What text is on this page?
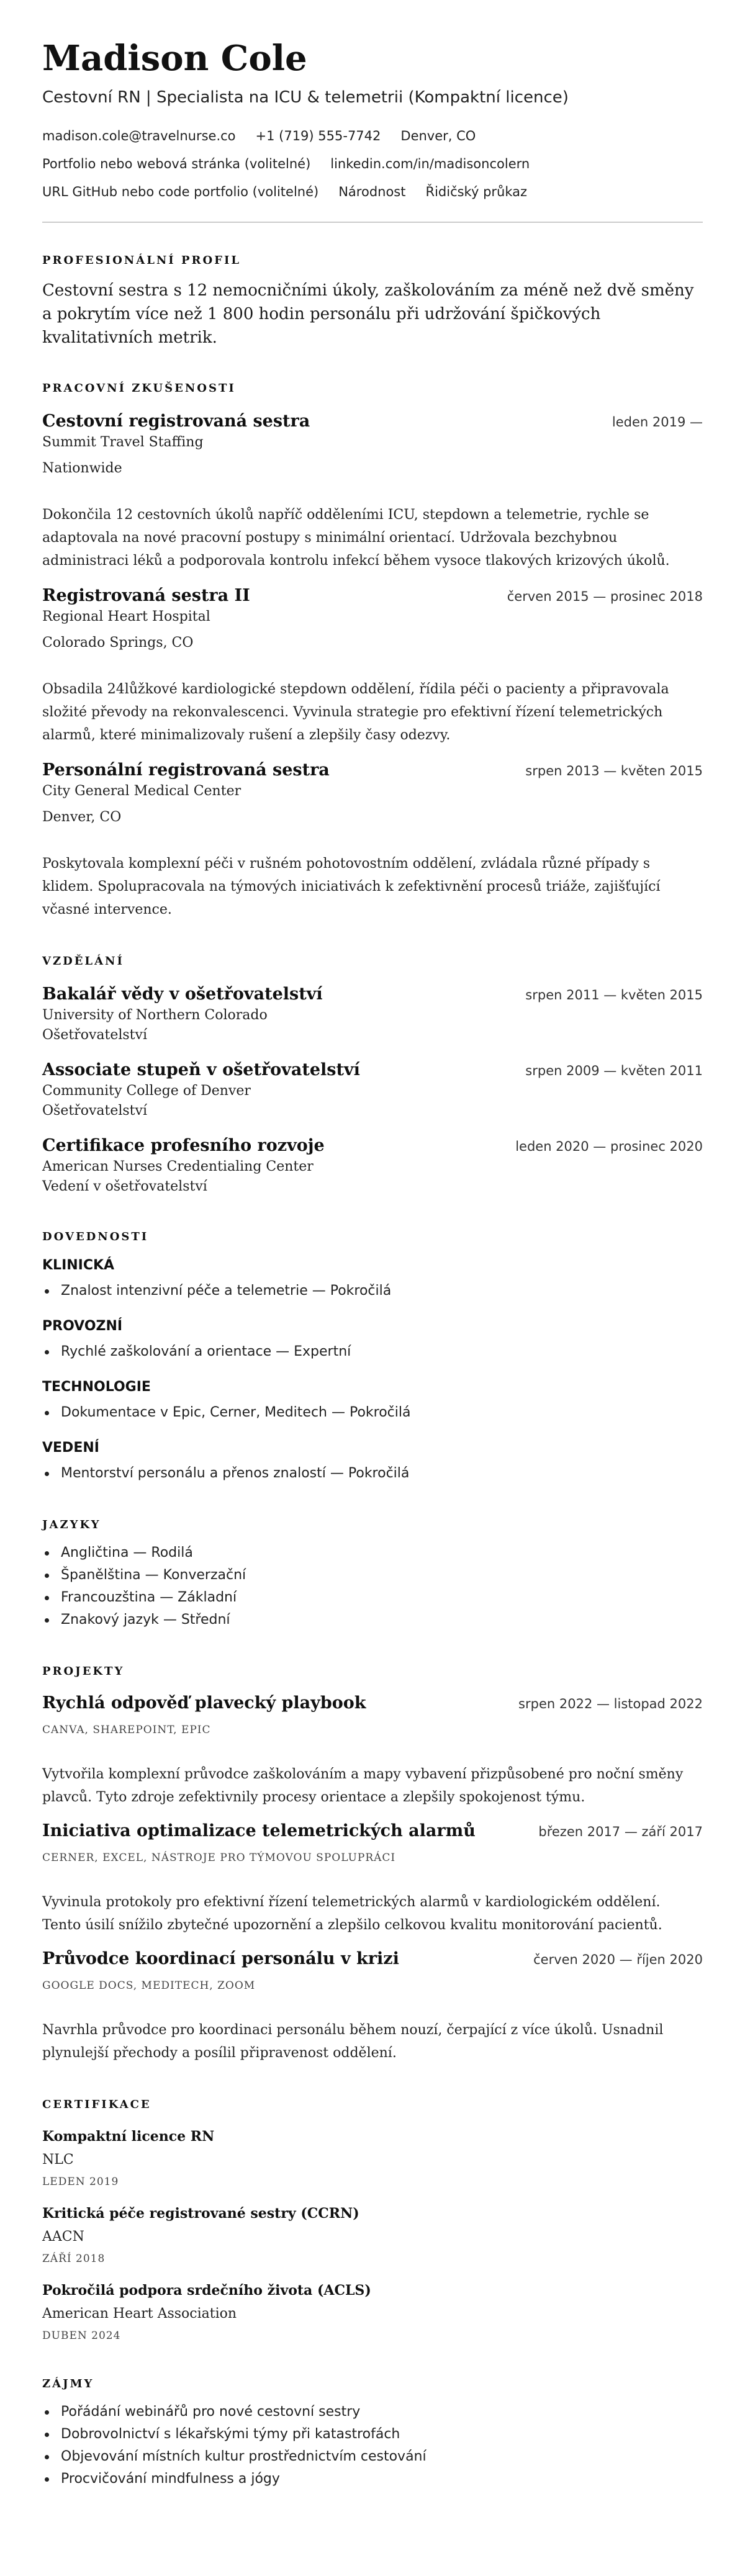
Madison Cole
Cestovní RN | Specialista na ICU & telemetrii (Kompaktní licence)
madison.cole@travelnurse.co +1 (719) 555-7742 Denver, CO
Portfolio nebo webová stránka (volitelné) linkedin.com/in/madisoncolern
URL GitHub nebo code portfolio (volitelné) Národnost Řidičský průkaz
PROFESIONÁLNÍ PROFIL

Cestovní sestra s 12 nemocničními úkoly, zaškolováním za méně než dvě směny a pokrytím více než 1 800 hodin personálu při udržování špičkových kvalitativních metrik.

PRACOVNÍ ZKUŠENOSTI
Cestovní registrovaná sestra	leden 2019 —
Summit Travel Staffing
Nationwide

Dokončila 12 cestovních úkolů napříč odděleními ICU, stepdown a telemetrie, rychle se adaptovala na nové pracovní postupy s minimální orientací. Udržovala bezchybnou administraci léků a podporovala kontrolu infekcí během vysoce tlakových krizových úkolů.

Registrovaná sestra II	červen 2015 — prosinec 2018
Regional Heart Hospital
Colorado Springs, CO

Obsadila 24lůžkové kardiologické stepdown oddělení, řídila péči o pacienty a připravovala složité převody na rekonvalescenci. Vyvinula strategie pro efektivní řízení telemetrických alarmů, které minimalizovaly rušení a zlepšily časy odezvy.

Personální registrovaná sestra	srpen 2013 — květen 2015
City General Medical Center
Denver, CO

Poskytovala komplexní péči v rušném pohotovostním oddělení, zvládala různé případy s klidem. Spolupracovala na týmových iniciativách k zefektivnění procesů triáže, zajišťující včasné intervence.

VZDĚLÁNÍ
Bakalář vědy v ošetřovatelství	srpen 2011 — květen 2015
University of Northern Colorado
Ošetřovatelství
Associate stupeň v ošetřovatelství	srpen 2009 — květen 2011
Community College of Denver
Ošetřovatelství
Certifikace profesního rozvoje	leden 2020 — prosinec 2020
American Nurses Credentialing Center
Vedení v ošetřovatelství
DOVEDNOSTI
KLINICKÁ
Znalost intenzivní péče a telemetrie — Pokročilá
PROVOZNÍ
Rychlé zaškolování a orientace — Expertní
TECHNOLOGIE
Dokumentace v Epic, Cerner, Meditech — Pokročilá
VEDENÍ
Mentorství personálu a přenos znalostí — Pokročilá
JAZYKY
Angličtina — Rodilá
Španělština — Konverzační
Francouzština — Základní
Znakový jazyk — Střední
PROJEKTY
Rychlá odpověď plavecký playbook	srpen 2022 — listopad 2022
CANVA, SHAREPOINT, EPIC

Vytvořila komplexní průvodce zaškolováním a mapy vybavení přizpůsobené pro noční směny plavců. Tyto zdroje zefektivnily procesy orientace a zlepšily spokojenost týmu.

Iniciativa optimalizace telemetrických alarmů	březen 2017 — září 2017
CERNER, EXCEL, NÁSTROJE PRO TÝMOVOU SPOLUPRÁCI

Vyvinula protokoly pro efektivní řízení telemetrických alarmů v kardiologickém oddělení. Tento úsilí snížilo zbytečné upozornění a zlepšilo celkovou kvalitu monitorování pacientů.

Průvodce koordinací personálu v krizi	červen 2020 — říjen 2020
GOOGLE DOCS, MEDITECH, ZOOM

Navrhla průvodce pro koordinaci personálu během nouzí, čerpající z více úkolů. Usnadnil plynulejší přechody a posílil připravenost oddělení.

CERTIFIKACE
Kompaktní licence RN
NLC
LEDEN 2019
Kritická péče registrované sestry (CCRN)
AACN
ZÁŘÍ 2018
Pokročilá podpora srdečního života (ACLS)
American Heart Association
DUBEN 2024
ZÁJMY
Pořádání webinářů pro nové cestovní sestry
Dobrovolnictví s lékařskými týmy při katastrofách
Objevování místních kultur prostřednictvím cestování
Procvičování mindfulness a jógy
